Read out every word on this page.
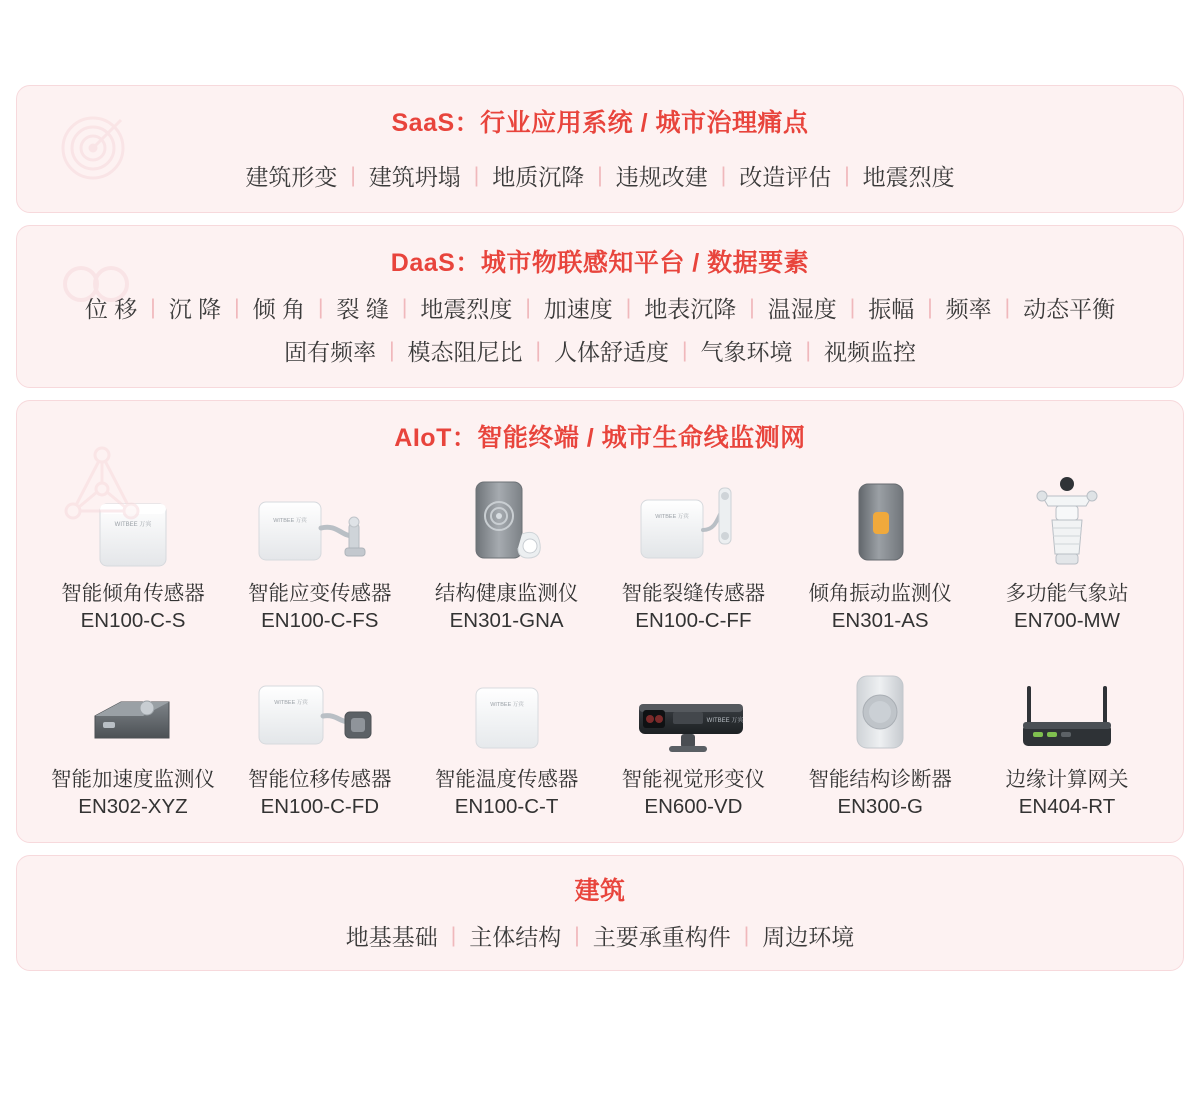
SaaS：行业应用系统 / 城市治理痛点
建筑形变 | 建筑坍塌 | 地质沉降 | 违规改建 | 改造评估 | 地震烈度
DaaS：城市物联感知平台 / 数据要素
位 移 | 沉 降 | 倾 角 | 裂 缝 | 地震烈度 | 加速度 | 地表沉降 | 温湿度 | 振幅 | 频率 | 动态平衡
固有频率 | 模态阻尼比 | 人体舒适度 | 气象环境 | 视频监控
AIoT：智能终端 / 城市生命线监测网
WITBEE 万宾
智能倾角传感器
EN100-C-S
WITBEE 万宾
智能应变传感器
EN100-C-FS
结构健康监测仪
EN301-GNA
WITBEE 万宾
智能裂缝传感器
EN100-C-FF
倾角振动监测仪
EN301-AS
多功能气象站
EN700-MW
智能加速度监测仪
EN302-XYZ
WITBEE 万宾
智能位移传感器
EN100-C-FD
WITBEE 万宾
智能温度传感器
EN100-C-T
WITBEE 万宾
智能视觉形变仪
EN600-VD
智能结构诊断器
EN300-G
边缘计算网关
EN404-RT
建筑
地基基础 | 主体结构 | 主要承重构件 | 周边环境
